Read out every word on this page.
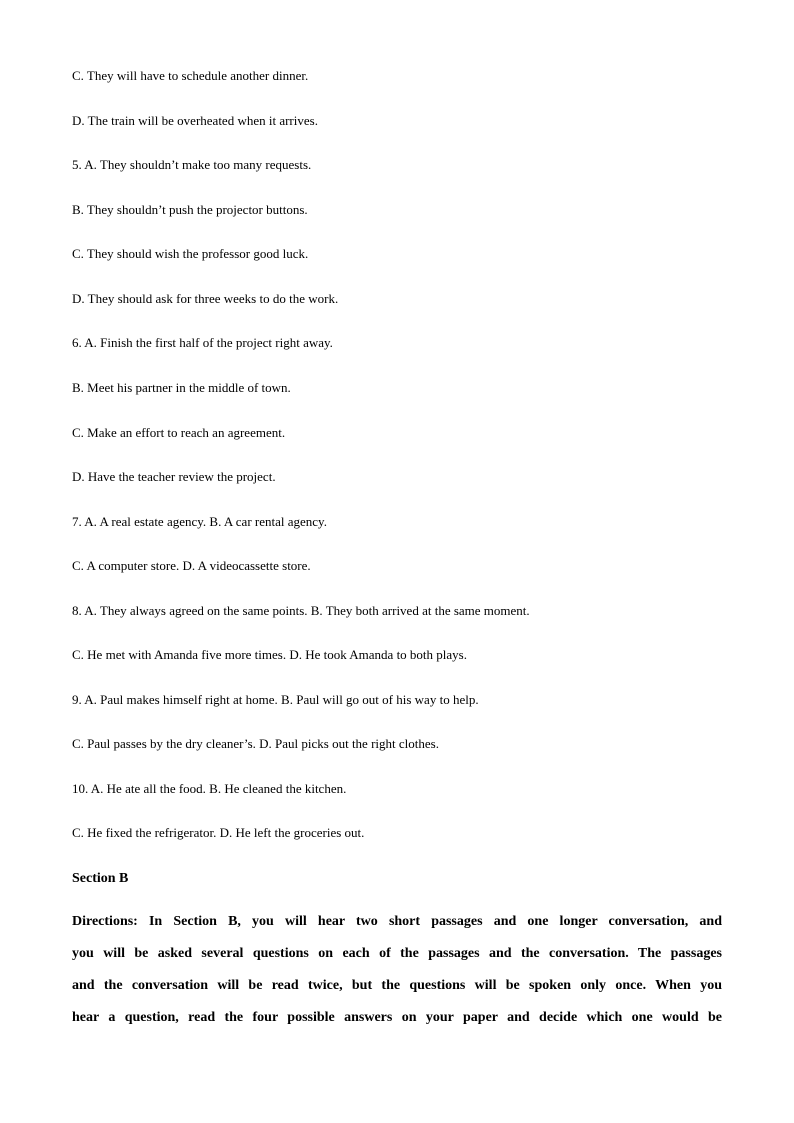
C. They will have to schedule another dinner.
D. The train will be overheated when it arrives.
5. A. They shouldn’t make too many requests.
B. They shouldn’t push the projector buttons.
C. They should wish the professor good luck.
D. They should ask for three weeks to do the work.
6. A. Finish the first half of the project right away.
B. Meet his partner in the middle of town.
C. Make an effort to reach an agreement.
D. Have the teacher review the project.
7. A. A real estate agency. B. A car rental agency.
C. A computer store. D. A videocassette store.
8. A. They always agreed on the same points. B. They both arrived at the same moment.
C. He met with Amanda five more times. D. He took Amanda to both plays.
9. A. Paul makes himself right at home. B. Paul will go out of his way to help.
C. Paul passes by the dry cleaner’s. D. Paul picks out the right clothes.
10. A. He ate all the food. B. He cleaned the kitchen.
C. He fixed the refrigerator. D. He left the groceries out.
Section B
Directions: In Section B, you will hear two short passages and one longer conversation, and
you will be asked several questions on each of the passages and the conversation. The passages
and the conversation will be read twice, but the questions will be spoken only once. When you
hear a question, read the four possible answers on your paper and decide which one would be
